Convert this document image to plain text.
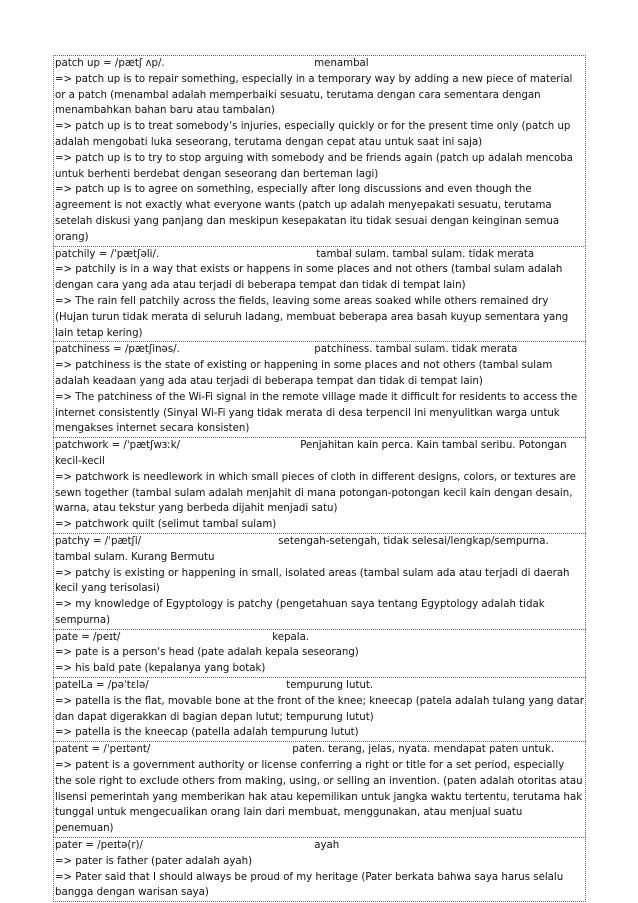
patch up = /pætʃ ʌp/.	menambal
=> patch up is to repair something, especially in a temporary way by adding a new piece of material or a patch (menambal adalah memperbaiki sesuatu, terutama dengan cara sementara dengan menambahkan bahan baru atau tambalan)
=> patch up is to treat somebody’s injuries, especially quickly or for the present time only (patch up adalah mengobati luka seseorang, terutama dengan cepat atau untuk saat ini saja)
=> patch up is to try to stop arguing with somebody and be friends again (patch up adalah mencoba untuk berhenti berdebat dengan seseorang dan berteman lagi)
=> patch up is to agree on something, especially after long discussions and even though the agreement is not exactly what everyone wants (patch up adalah menyepakati sesuatu, terutama setelah diskusi yang panjang dan meskipun kesepakatan itu tidak sesuai dengan keinginan semua orang)
patchily = /ˈpætʃəli/.	tambal sulam. tambal sulam. tidak merata
=> patchily is in a way that exists or happens in some places and not others (tambal sulam adalah dengan cara yang ada atau terjadi di beberapa tempat dan tidak di tempat lain)
=> The rain fell patchily across the fields, leaving some areas soaked while others remained dry (Hujan turun tidak merata di seluruh ladang, membuat beberapa area basah kuyup sementara yang lain tetap kering)
patchiness = /pætʃinəs/.	patchiness. tambal sulam. tidak merata
=> patchiness is the state of existing or happening in some places and not others (tambal sulam adalah keadaan yang ada atau terjadi di beberapa tempat dan tidak di tempat lain)
=> The patchiness of the Wi-Fi signal in the remote village made it difficult for residents to access the internet consistently (Sinyal Wi-Fi yang tidak merata di desa terpencil ini menyulitkan warga untuk mengakses internet secara konsisten)
patchwork = /ˈpætʃwɜːk/	Penjahitan kain perca. Kain tambal seribu. Potongan kecil-kecil
=> patchwork is needlework in which small pieces of cloth in different designs, colors, or textures are sewn together (tambal sulam adalah menjahit di mana potongan-potongan kecil kain dengan desain, warna, atau tekstur yang berbeda dijahit menjadi satu)
=> patchwork quilt (selimut tambal sulam)
patchy = /ˈpætʃi/	setengah-setengah, tidak selesai/lengkap/sempurna. tambal sulam. Kurang Bermutu
=> patchy is existing or happening in small, isolated areas (tambal sulam ada atau terjadi di daerah kecil yang terisolasi)
=> my knowledge of Egyptology is patchy (pengetahuan saya tentang Egyptology adalah tidak sempurna)
pate = /peɪt/	kepala.
=> pate is a person's head (pate adalah kepala seseorang)
=> his bald pate (kepalanya yang botak)
patelLa = /pəˈtɛlə/	tempurung lutut.
=> patella is the flat, movable bone at the front of the knee; kneecap (patela adalah tulang yang datar dan dapat digerakkan di bagian depan lutut; tempurung lutut)
=> patella is the kneecap (patella adalah tempurung lutut)
patent = /ˈpeɪtənt/	paten. terang, jelas, nyata. mendapat paten untuk.
=> patent is a government authority or license conferring a right or title for a set period, especially the sole right to exclude others from making, using, or selling an invention. (paten adalah otoritas atau lisensi pemerintah yang memberikan hak atau kepemilikan untuk jangka waktu tertentu, terutama hak tunggal untuk mengecualikan orang lain dari membuat, menggunakan, atau menjual suatu penemuan)
pater = /peɪtə(r)/	ayah
=> pater is father (pater adalah ayah)
=> Pater said that I should always be proud of my heritage (Pater berkata bahwa saya harus selalu bangga dengan warisan saya)
